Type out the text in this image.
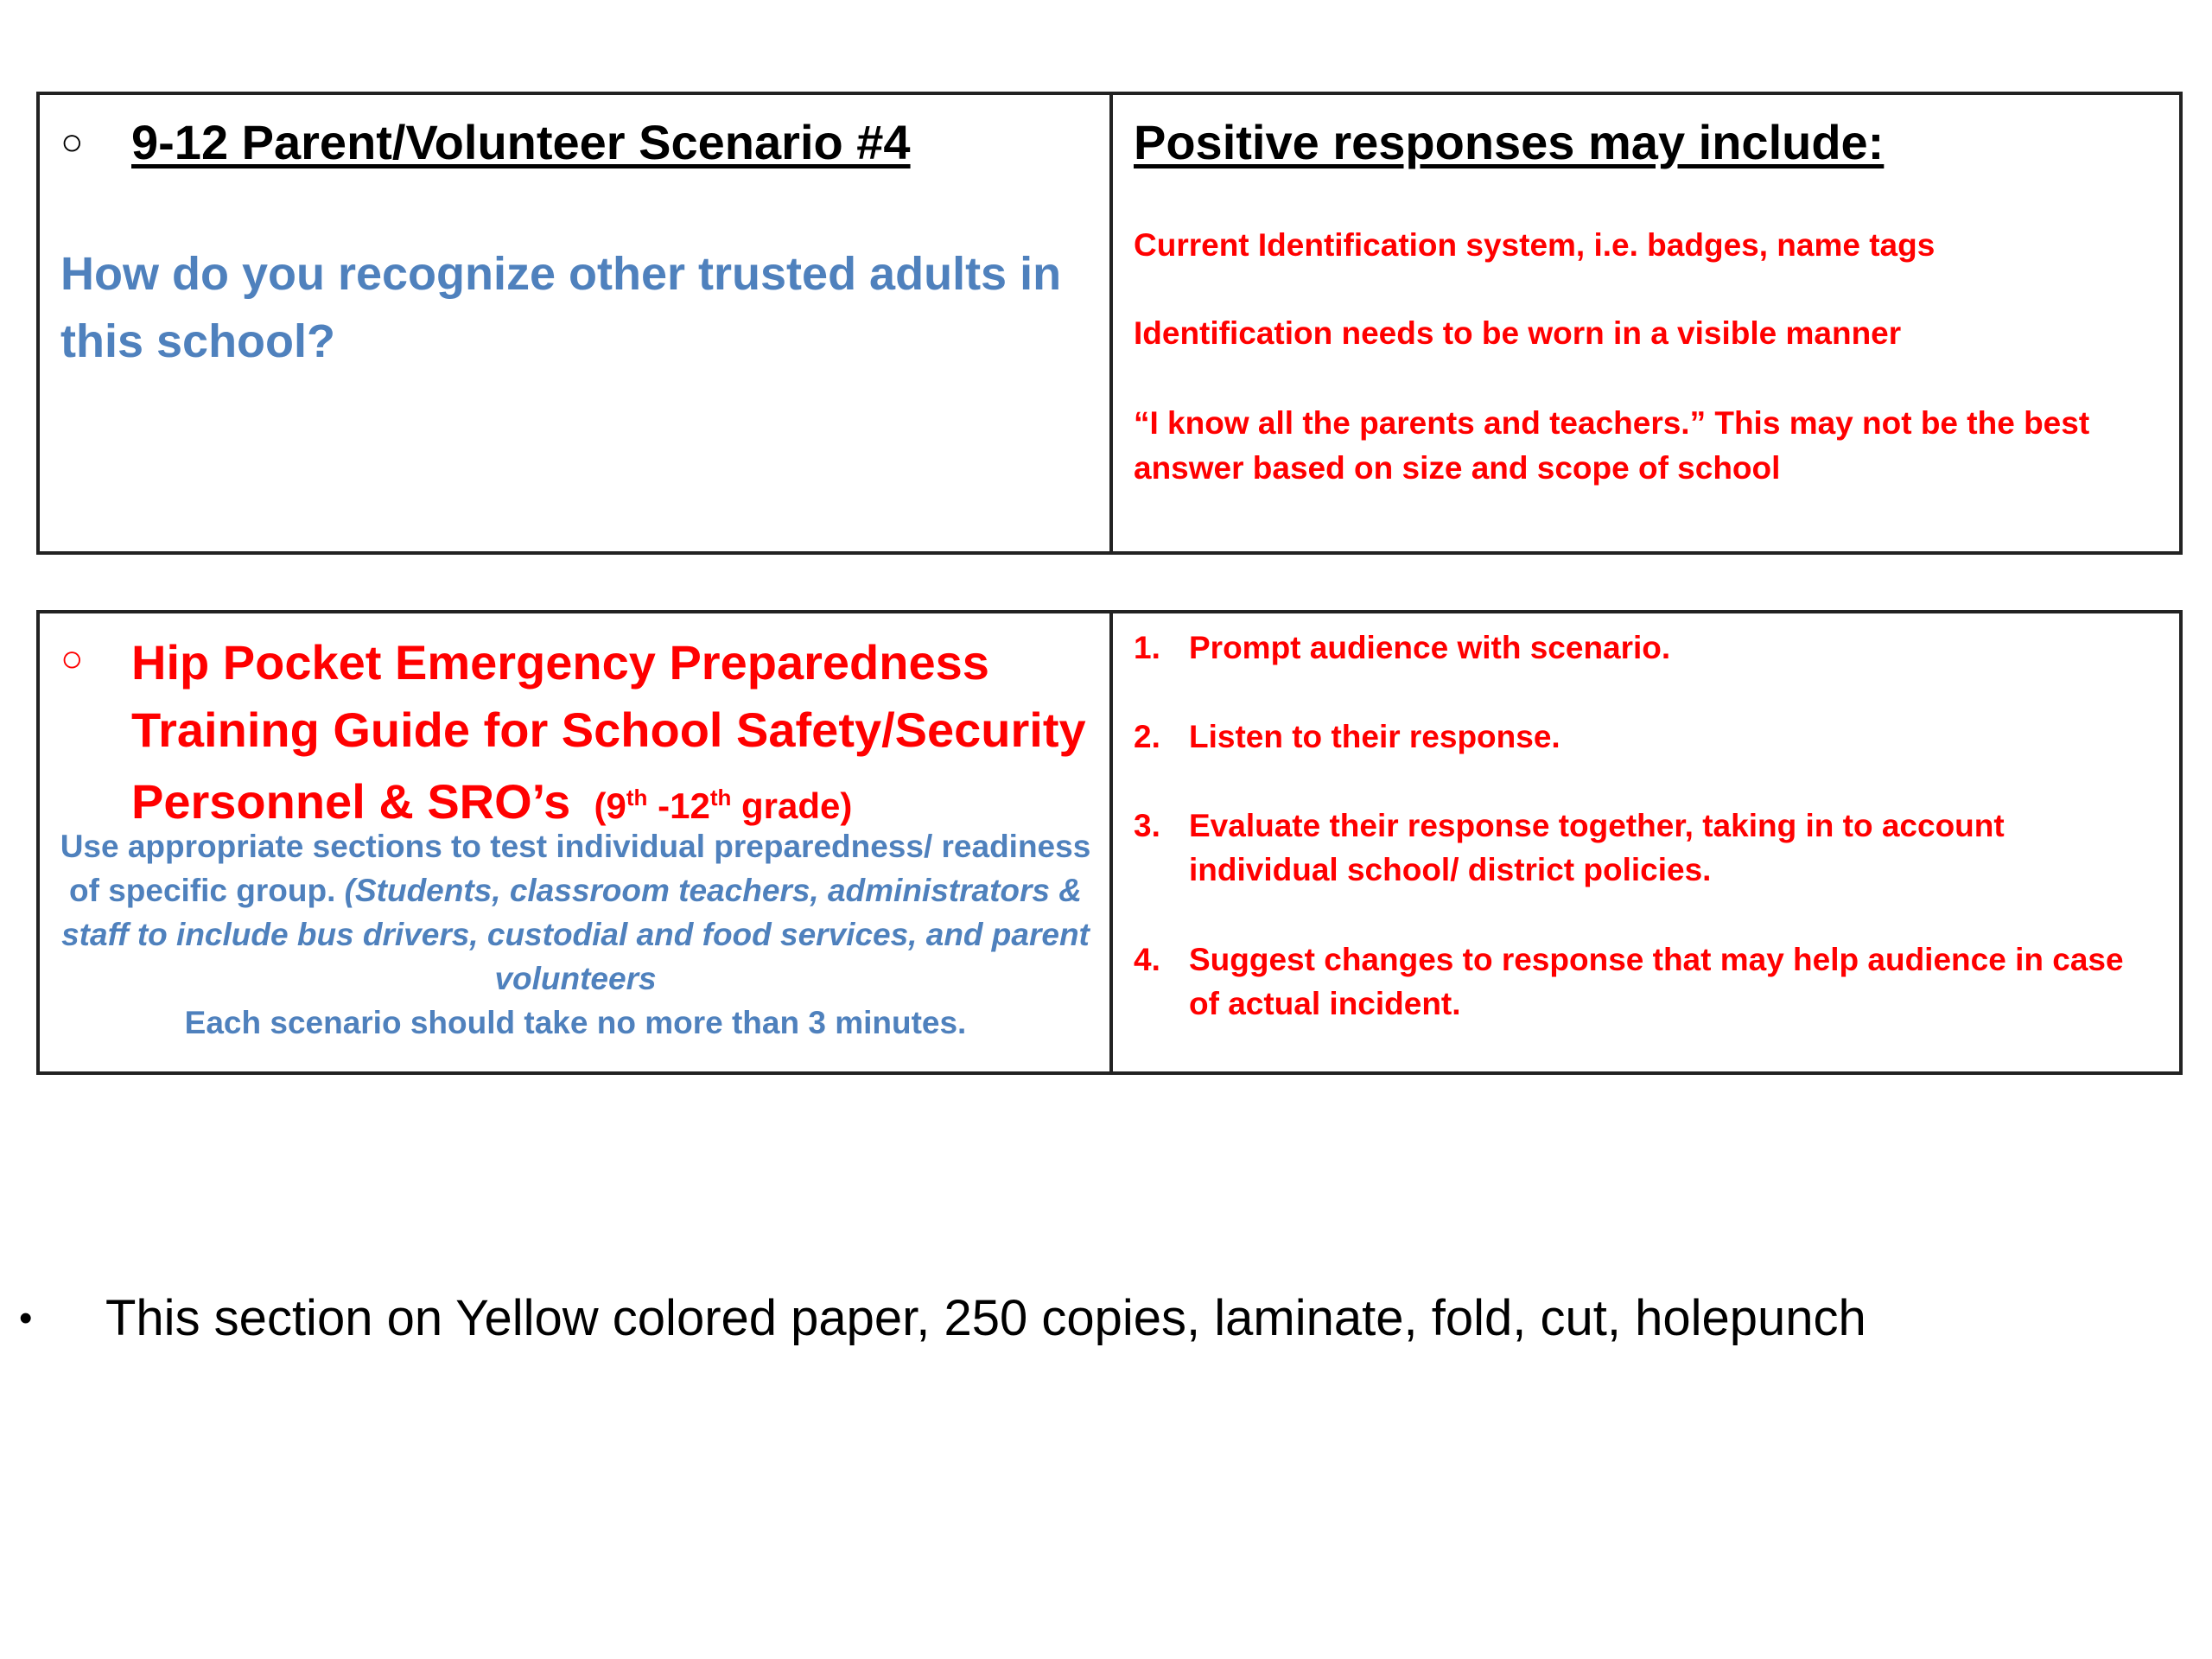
○ 9-12 Parent/Volunteer Scenario #4
How do you recognize other trusted adults in this school?
Positive responses may include:
Current Identification system, i.e. badges, name tags
Identification needs to be worn in a visible manner
“I know all the parents and teachers.” This may not be the best answer based on size and scope of school
○ Hip Pocket Emergency Preparedness Training Guide for School Safety/Security Personnel & SRO’s (9th -12th grade)
Use appropriate sections to test individual preparedness/ readiness of specific group. (Students, classroom teachers, administrators & staff to include bus drivers, custodial and food services, and parent volunteers
Each scenario should take no more than 3 minutes.
1. Prompt audience with scenario.
2. Listen to their response.
3. Evaluate their response together, taking in to account individual school/ district policies.
4. Suggest changes to response that may help audience in case of actual incident.
•	This section on Yellow colored paper, 250 copies, laminate, fold, cut, holepunch
